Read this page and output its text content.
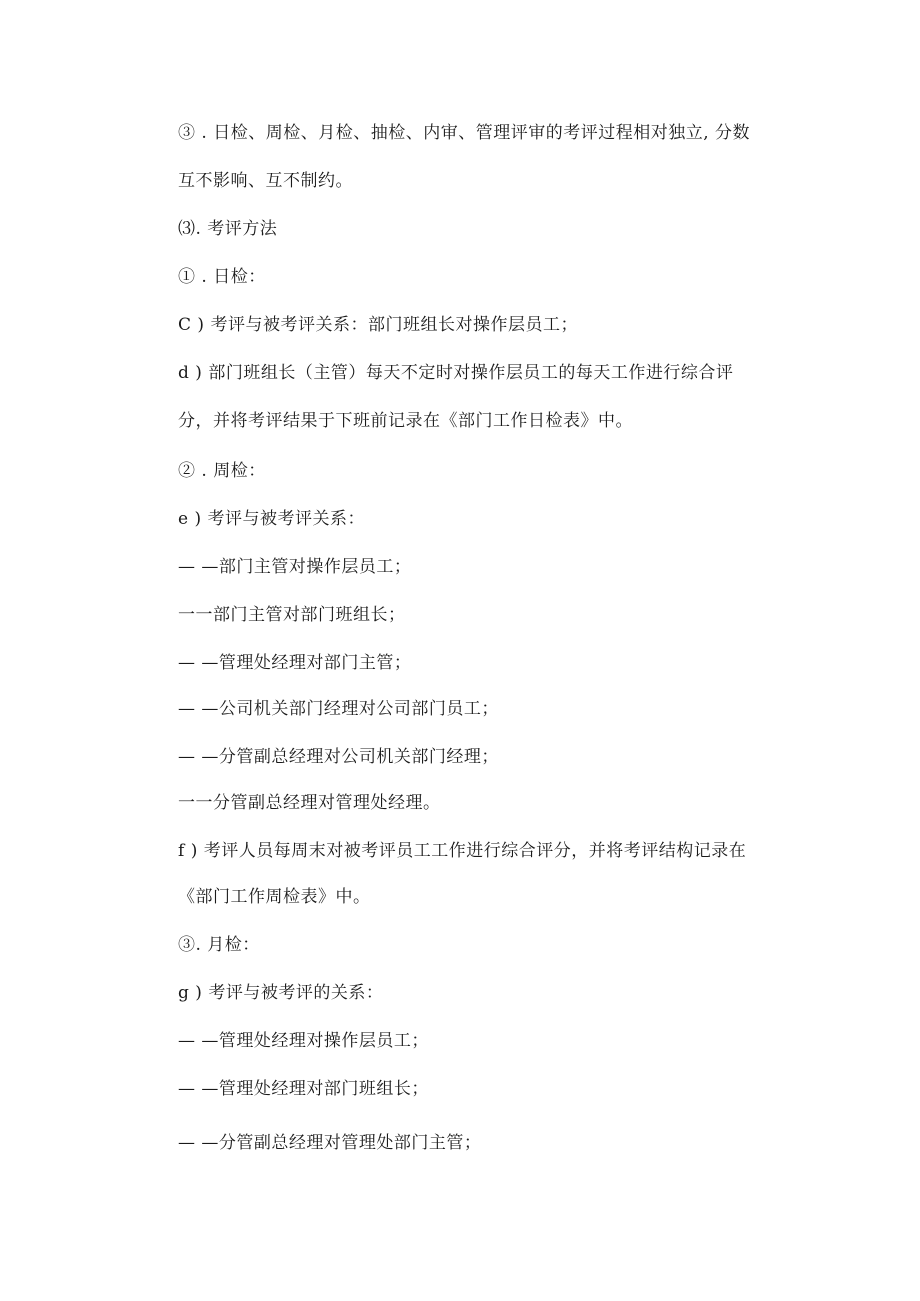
③ . 日检、周检、月检、抽检、内审、管理评审的考评过程相对独立, 分数
互不影响、互不制约。
⑶. 考评方法
① . 日检：
C ) 考评与被考评关系：部门班组长对操作层员工；
d ) 部门班组长（主管）每天不定时对操作层员工的每天工作进行综合评
分，并将考评结果于下班前记录在《部门工作日检表》中。
② . 周检：
e ) 考评与被考评关系：
— —部门主管对操作层员工；
一一部门主管对部门班组长；
— —管理处经理对部门主管；
— —公司机关部门经理对公司部门员工；
— —分管副总经理对公司机关部门经理；
一一分管副总经理对管理处经理。
f ) 考评人员每周末对被考评员工工作进行综合评分，并将考评结构记录在
《部门工作周检表》中。
③. 月检：
g ) 考评与被考评的关系：
— —管理处经理对操作层员工；
— —管理处经理对部门班组长；
— —分管副总经理对管理处部门主管；
